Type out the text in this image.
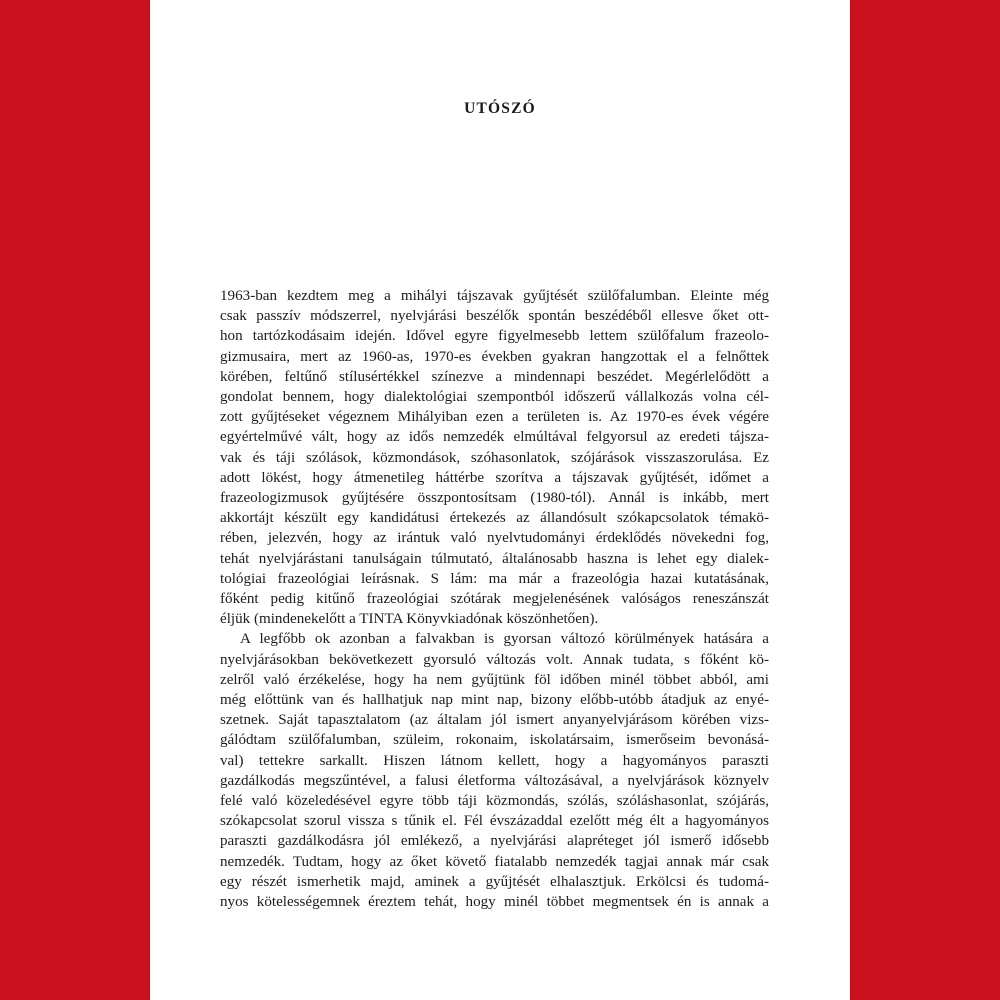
UTÓSZÓ
1963-ban kezdtem meg a mihályi tájszavak gyűjtését szülőfalumban. Eleinte még
csak passzív módszerrel, nyelvjárási beszélők spontán beszédéből ellesve őket ott-
hon tartózkodásaim idején. Idővel egyre figyelmesebb lettem szülőfalum frazeolo-
gizmusaira, mert az 1960-as, 1970-es években gyakran hangzottak el a felnőttek
körében, feltűnő stílusértékkel színezve a mindennapi beszédet. Megérlelődött a
gondolat bennem, hogy dialektológiai szempontból időszerű vállalkozás volna cél-
zott gyűjtéseket végeznem Mihályiban ezen a területen is. Az 1970-es évek végére
egyértelművé vált, hogy az idős nemzedék elmúltával felgyorsul az eredeti tájsza-
vak és táji szólások, közmondások, szóhasonlatok, szójárások visszaszorulása. Ez
adott lökést, hogy átmenetileg háttérbe szorítva a tájszavak gyűjtését, időmet a
frazeologizmusok gyűjtésére összpontosítsam (1980-tól). Annál is inkább, mert
akkortájt készült egy kandidátusi értekezés az állandósult szókapcsolatok témakö-
rében, jelezvén, hogy az irántuk való nyelvtudományi érdeklődés növekedni fog,
tehát nyelvjárástani tanulságain túlmutató, általánosabb haszna is lehet egy dialek-
tológiai frazeológiai leírásnak. S lám: ma már a frazeológia hazai kutatásának,
főként pedig kitűnő frazeológiai szótárak megjelenésének valóságos reneszánszát
éljük (mindenekelőtt a TINTA Könyvkiadónak köszönhetően).
A legfőbb ok azonban a falvakban is gyorsan változó körülmények hatására a
nyelvjárásokban bekövetkezett gyorsuló változás volt. Annak tudata, s főként kö-
zelről való érzékelése, hogy ha nem gyűjtünk föl időben minél többet abból, ami
még előttünk van és hallhatjuk nap mint nap, bizony előbb-utóbb átadjuk az enyé-
szetnek. Saját tapasztalatom (az általam jól ismert anyanyelvjárásom körében vizs-
gálódtam szülőfalumban, szüleim, rokonaim, iskolatársaim, ismerőseim bevonásá-
val) tettekre sarkallt. Hiszen látnom kellett, hogy a hagyományos paraszti
gazdálkodás megszűntével, a falusi életforma változásával, a nyelvjárások köznyelv
felé való közeledésével egyre több táji közmondás, szólás, szóláshasonlat, szójárás,
szókapcsolat szorul vissza s tűnik el. Fél évszázaddal ezelőtt még élt a hagyományos
paraszti gazdálkodásra jól emlékező, a nyelvjárási alapréteget jól ismerő idősebb
nemzedék. Tudtam, hogy az őket követő fiatalabb nemzedék tagjai annak már csak
egy részét ismerhetik majd, aminek a gyűjtését elhalasztjuk. Erkölcsi és tudomá-
nyos kötelességemnek éreztem tehát, hogy minél többet megmentsek én is annak a
